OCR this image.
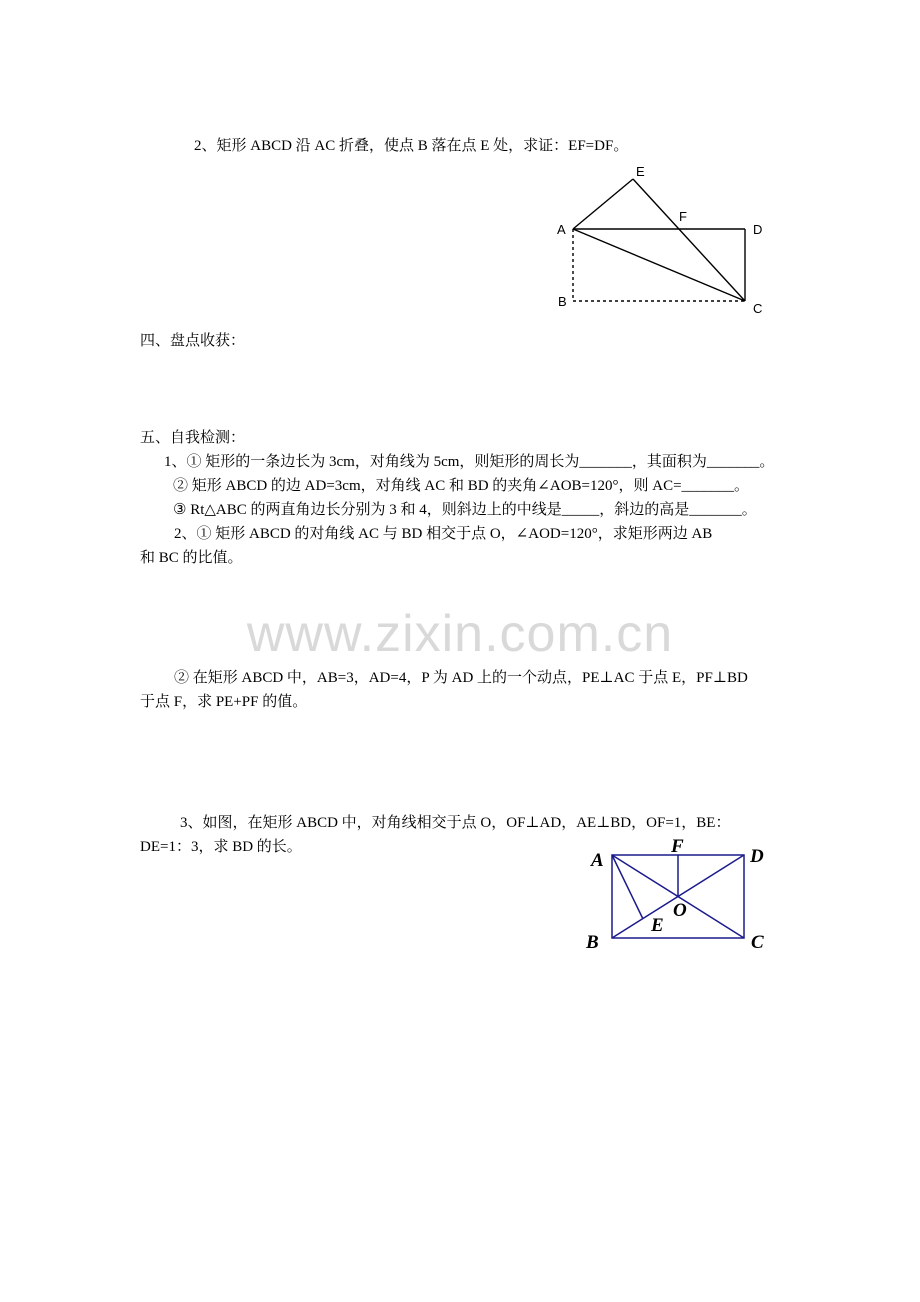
2、矩形 ABCD 沿 AC 折叠，使点 B 落在点 E 处，求证：EF=DF。
E
F
A	D
B	C
四、盘点收获：
五、自我检测：
1、① 矩形的一条边长为 3cm，对角线为 5cm，则矩形的周长为_______，其面积为_______。
② 矩形 ABCD 的边 AD=3cm，对角线 AC 和 BD 的夹角∠AOB=120°，则 AC=_______。
③ Rt△ABC 的两直角边长分别为 3 和 4，则斜边上的中线是_____，斜边的高是_______。
2、① 矩形 ABCD 的对角线 AC 与 BD 相交于点 O，∠AOD=120°，求矩形两边 AB
和 BC 的比值。
www.zixin.com.cn
② 在矩形 ABCD 中，AB=3，AD=4，P 为 AD 上的一个动点，PE⊥AC 于点 E，PF⊥BD
于点 F，求 PE+PF 的值。
3、如图，在矩形 ABCD 中，对角线相交于点 O，OF⊥AD，AE⊥BD，OF=1，BE：
DE=1：3，求 BD 的长。
A
F	D
O
E
B	C
